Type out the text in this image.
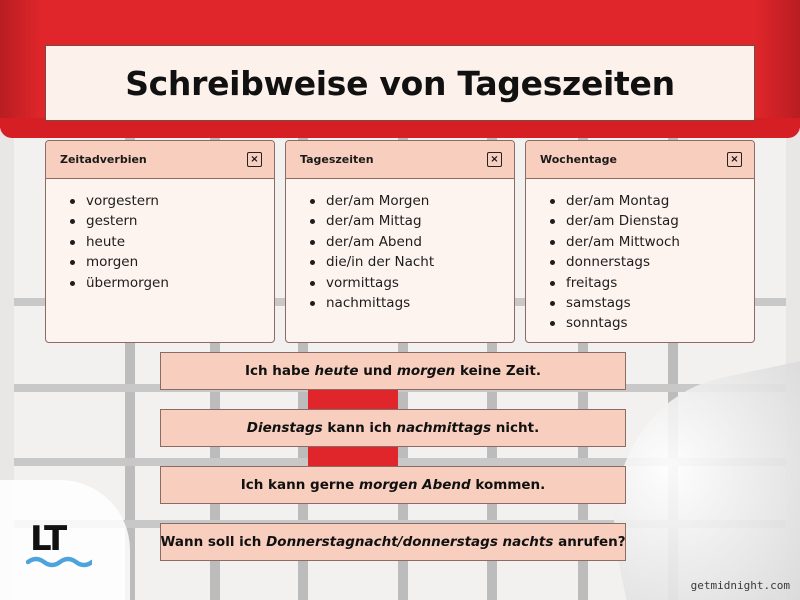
Schreibweise von Tageszeiten
Zeitadverbien	×
vorgestern
gestern
heute
morgen
übermorgen
Tageszeiten	×
der/am Morgen
der/am Mittag
der/am Abend
die/in der Nacht
vormittags
nachmittags
Wochentage	×
der/am Montag
der/am Dienstag
der/am Mittwoch
donnerstags
freitags
samstags
sonntags
Ich habe heute und morgen keine Zeit.
Dienstags kann ich nachmittags nicht.
Ich kann gerne morgen Abend kommen.
Wann soll ich Donnerstagnacht/donnerstags nachts anrufen?
LT
getmidnight.com
